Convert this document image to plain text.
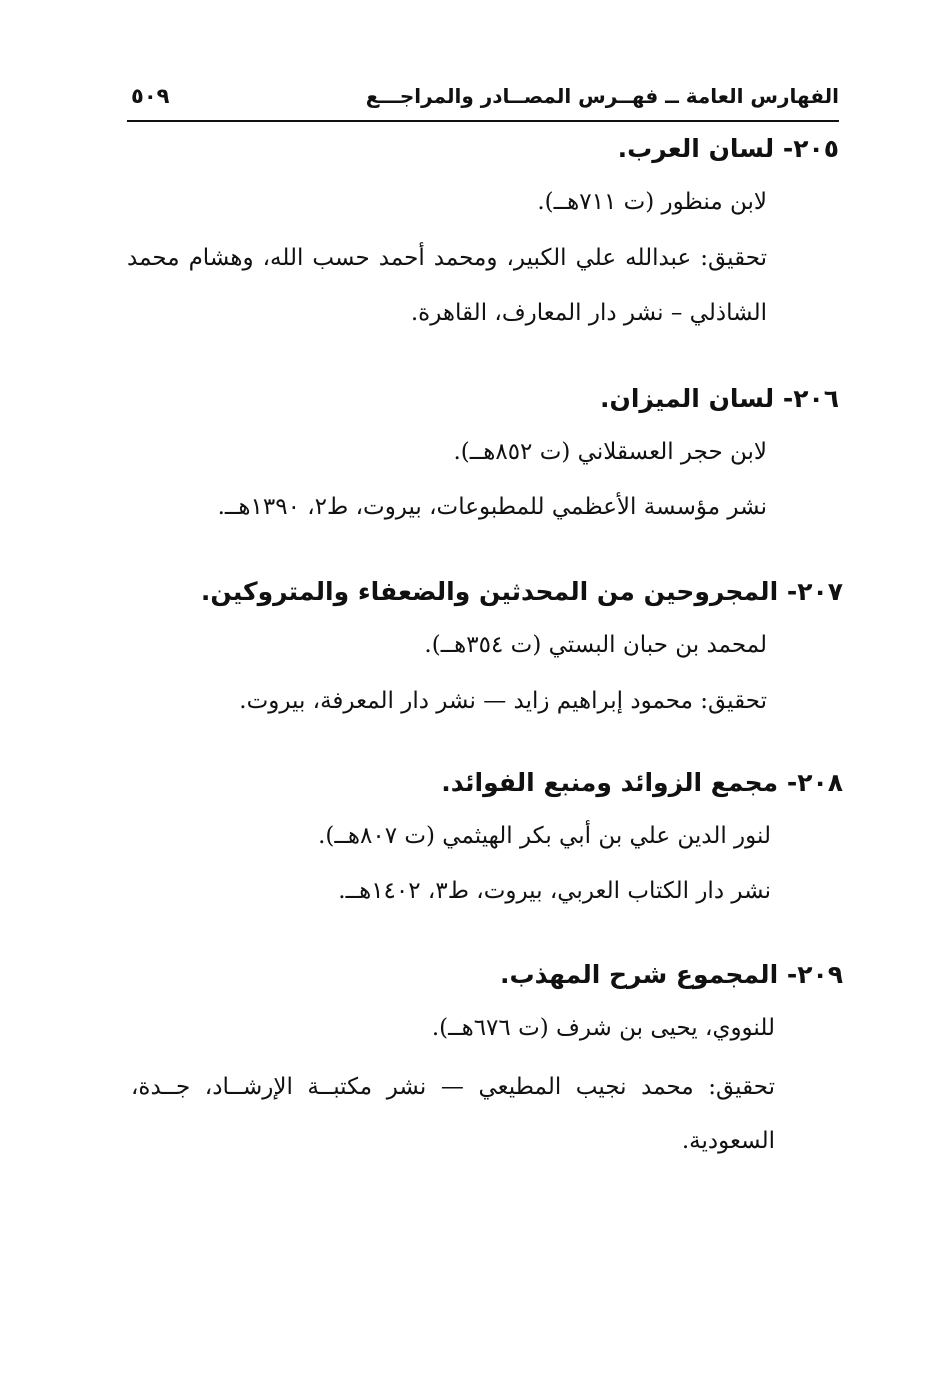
الفهارس العامة ــ فهــرس المصــادر والمراجـــع
٥٠٩
٢٠٥- لسان العرب.
لابن منظور (ت ٧١١هــ).
تحقيق: عبدالله علي الكبير، ومحمد أحمد حسب الله، وهشام محمد
الشاذلي – نشر دار المعارف، القاهرة.
٢٠٦- لسان الميزان.
لابن حجر العسقلاني (ت ٨٥٢هــ).
نشر مؤسسة الأعظمي للمطبوعات، بيروت، ط٢، ١٣٩٠هــ.
٢٠٧- المجروحين من المحدثين والضعفاء والمتروكين.
لمحمد بن حبان البستي (ت ٣٥٤هــ).
تحقيق: محمود إبراهيم زايد — نشر دار المعرفة، بيروت.
٢٠٨- مجمع الزوائد ومنبع الفوائد.
لنور الدين علي بن أبي بكر الهيثمي (ت ٨٠٧هــ).
نشر دار الكتاب العربي، بيروت، ط٣، ١٤٠٢هــ.
٢٠٩- المجموع شرح المهذب.
للنووي، يحيى بن شرف (ت ٦٧٦هــ).
تحقيق: محمد نجيب المطيعي — نشر مكتبــة الإرشــاد، جــدة،
السعودية.
